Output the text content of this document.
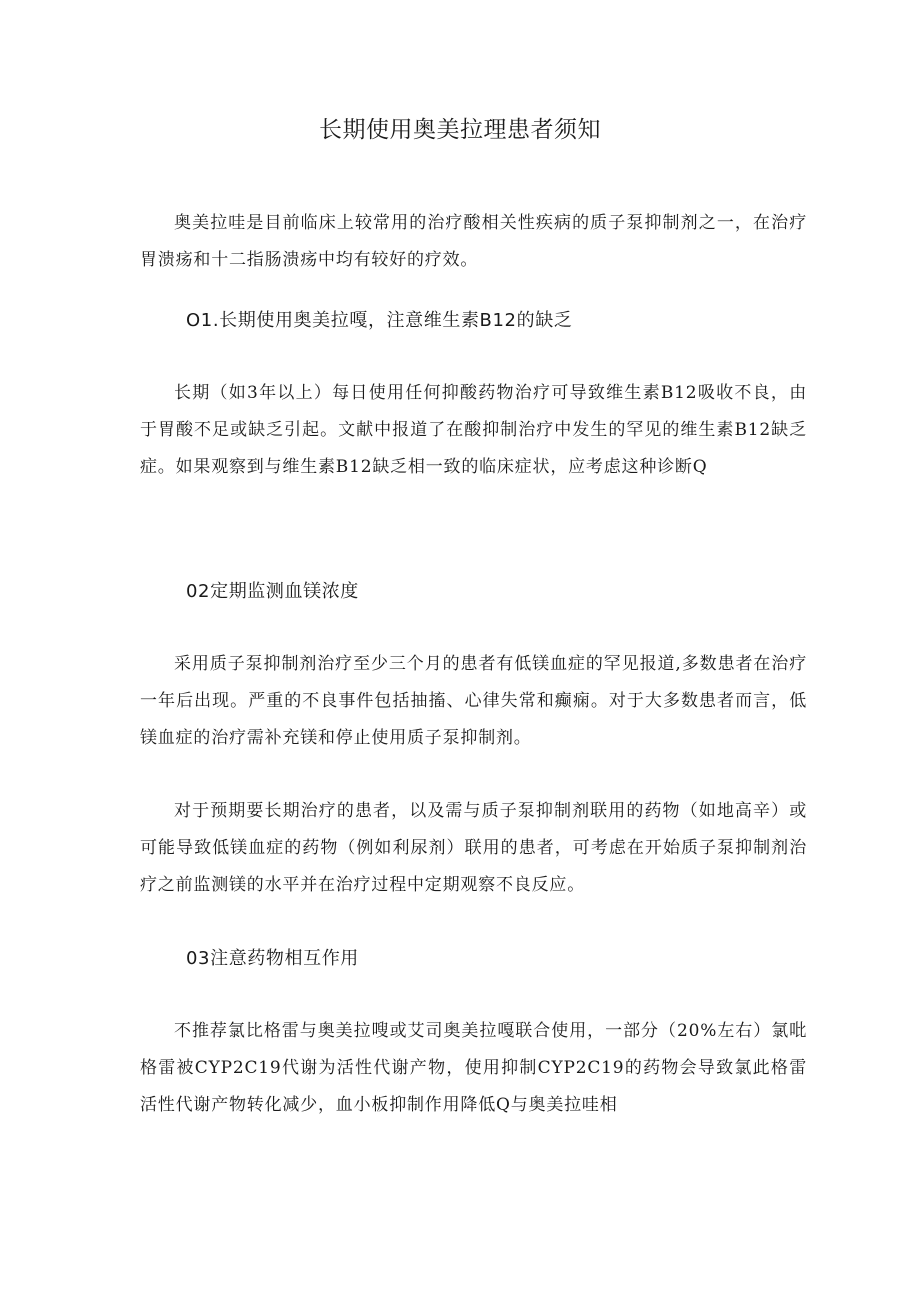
长期使用奥美拉理患者须知

奥美拉哇是目前临床上较常用的治疗酸相关性疾病的质子泵抑制剂之一，在治疗胃溃疡和十二指肠溃疡中均有较好的疗效。

O1.长期使用奥美拉嘎，注意维生素B12的缺乏

长期（如3年以上）每日使用任何抑酸药物治疗可导致维生素B12吸收不良，由于胃酸不足或缺乏引起。文献中报道了在酸抑制治疗中发生的罕见的维生素B12缺乏症。如果观察到与维生素B12缺乏相一致的临床症状，应考虑这种诊断Q

02定期监测血镁浓度

采用质子泵抑制剂治疗至少三个月的患者有低镁血症的罕见报道,多数患者在治疗一年后出现。严重的不良事件包括抽搐、心律失常和癫痫。对于大多数患者而言，低镁血症的治疗需补充镁和停止使用质子泵抑制剂。

对于预期要长期治疗的患者，以及需与质子泵抑制剂联用的药物（如地高辛）或可能导致低镁血症的药物（例如利尿剂）联用的患者，可考虑在开始质子泵抑制剂治疗之前监测镁的水平并在治疗过程中定期观察不良反应。

03注意药物相互作用

不推荐氯比格雷与奥美拉嗖或艾司奥美拉嘎联合使用，一部分（20%左右）氯吡格雷被CYP2C19代谢为活性代谢产物，使用抑制CYP2C19的药物会导致氯此格雷活性代谢产物转化减少，血小板抑制作用降低Q与奥美拉哇相
